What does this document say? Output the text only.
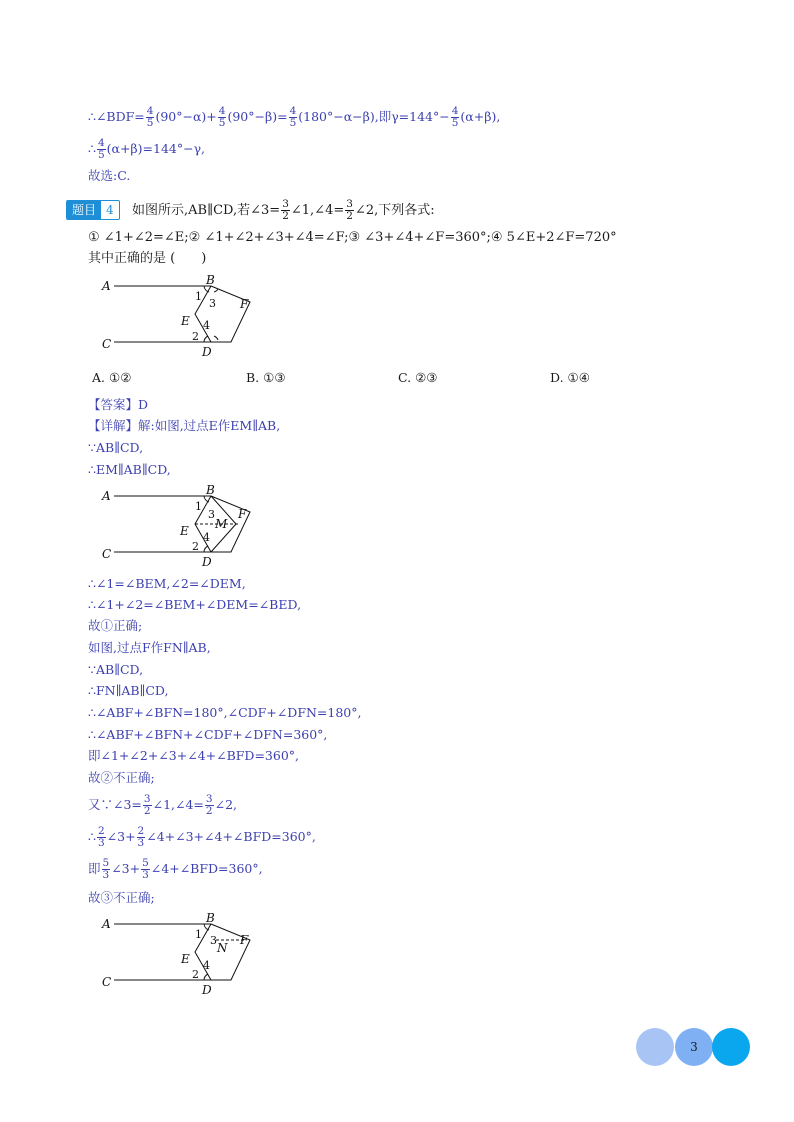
∴∠BDF= $\frac{4}{5} (90^\circ-\alpha)+ \frac{4}{5} (90^\circ-\beta)= \frac{4}{5} (180^\circ-\alpha-\beta)$,即$\gamma=144^\circ- \frac{4}{5} (\alpha+\beta)$,
∴ $\frac{4}{5} (\alpha+\beta)=144^\circ-\gamma$,
故选:C.
题目 4	如图所示,AB∥CD,若∠3= $\frac{3}{2}$ ∠1,∠4= $\frac{3}{2}$ ∠2,下列各式:
① ∠1+∠2=∠E;② ∠1+∠2+∠3+∠4=∠F;③ ∠3+∠4+∠F=360°;④ 5∠E+2∠F=720°
其中正确的是 (　　)
A	B
C
D
E
F
1
3
4
2
A. ①②	B. ①③	C. ②③	D. ①④
【答案】D
【详解】解:如图,过点E作EM∥AB,
∵AB∥CD,
∴EM∥AB∥CD,
A	B
C
D
E
F
M
1
3
4
2
∴∠1=∠BEM,∠2=∠DEM,
∴∠1+∠2=∠BEM+∠DEM=∠BED,
故①正确;
如图,过点F作FN∥AB,
∵AB∥CD,
∴FN∥AB∥CD,
∴∠ABF+∠BFN=180°,∠CDF+∠DFN=180°,
∴∠ABF+∠BFN+∠CDF+∠DFN=360°,
即∠1+∠2+∠3+∠4+∠BFD=360°,
故②不正确;
又∵∠3= $\frac{3}{2}$ ∠1,∠4= $\frac{3}{2}$ ∠2,
∴ $\frac{2}{3}$ ∠3+ $\frac{2}{3}$ ∠4+∠3+∠4+∠BFD=360°,
即 $\frac{5}{3}$ ∠3+ $\frac{5}{3}$ ∠4+∠BFD=360°,
故③不正确;
A	B
C
D
E
F
N
1 3
4
2
3
